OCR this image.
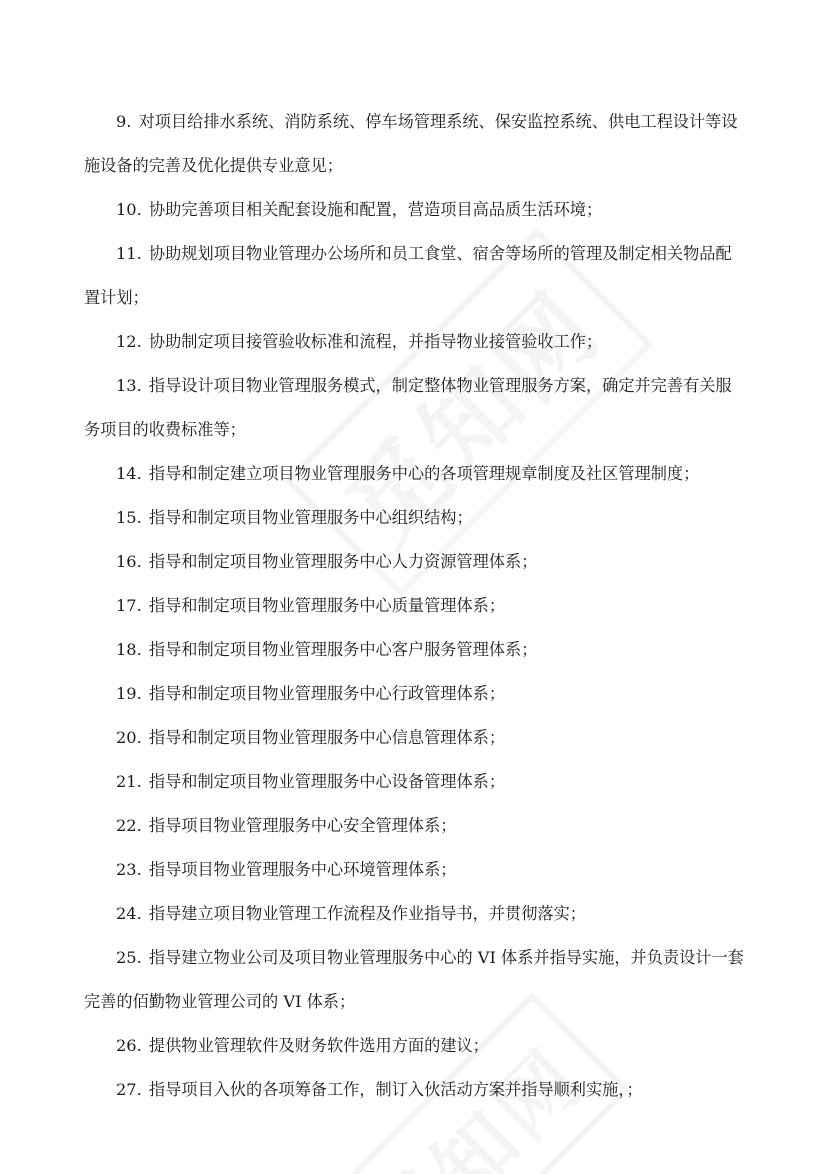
9. 对项目给排水系统、消防系统、停车场管理系统、保安监控系统、供电工程设计等设施设备的完善及优化提供专业意见；

10. 协助完善项目相关配套设施和配置，营造项目高品质生活环境；

11. 协助规划项目物业管理办公场所和员工食堂、宿舍等场所的管理及制定相关物品配置计划；

12. 协助制定项目接管验收标准和流程，并指导物业接管验收工作；

13. 指导设计项目物业管理服务模式，制定整体物业管理服务方案，确定并完善有关服务项目的收费标准等；

14. 指导和制定建立项目物业管理服务中心的各项管理规章制度及社区管理制度；

15. 指导和制定项目物业管理服务中心组织结构；

16. 指导和制定项目物业管理服务中心人力资源管理体系；

17. 指导和制定项目物业管理服务中心质量管理体系；

18. 指导和制定项目物业管理服务中心客户服务管理体系；

19. 指导和制定项目物业管理服务中心行政管理体系；

20. 指导和制定项目物业管理服务中心信息管理体系；

21. 指导和制定项目物业管理服务中心设备管理体系；

22. 指导项目物业管理服务中心安全管理体系；

23. 指导项目物业管理服务中心环境管理体系；

24. 指导建立项目物业管理工作流程及作业指导书，并贯彻落实；

25. 指导建立物业公司及项目物业管理服务中心的 VI 体系并指导实施，并负责设计一套完善的佰勤物业管理公司的 VI 体系；

26. 提供物业管理软件及财务软件选用方面的建议；

27. 指导项目入伙的各项筹备工作，制订入伙活动方案并指导顺利实施，；
